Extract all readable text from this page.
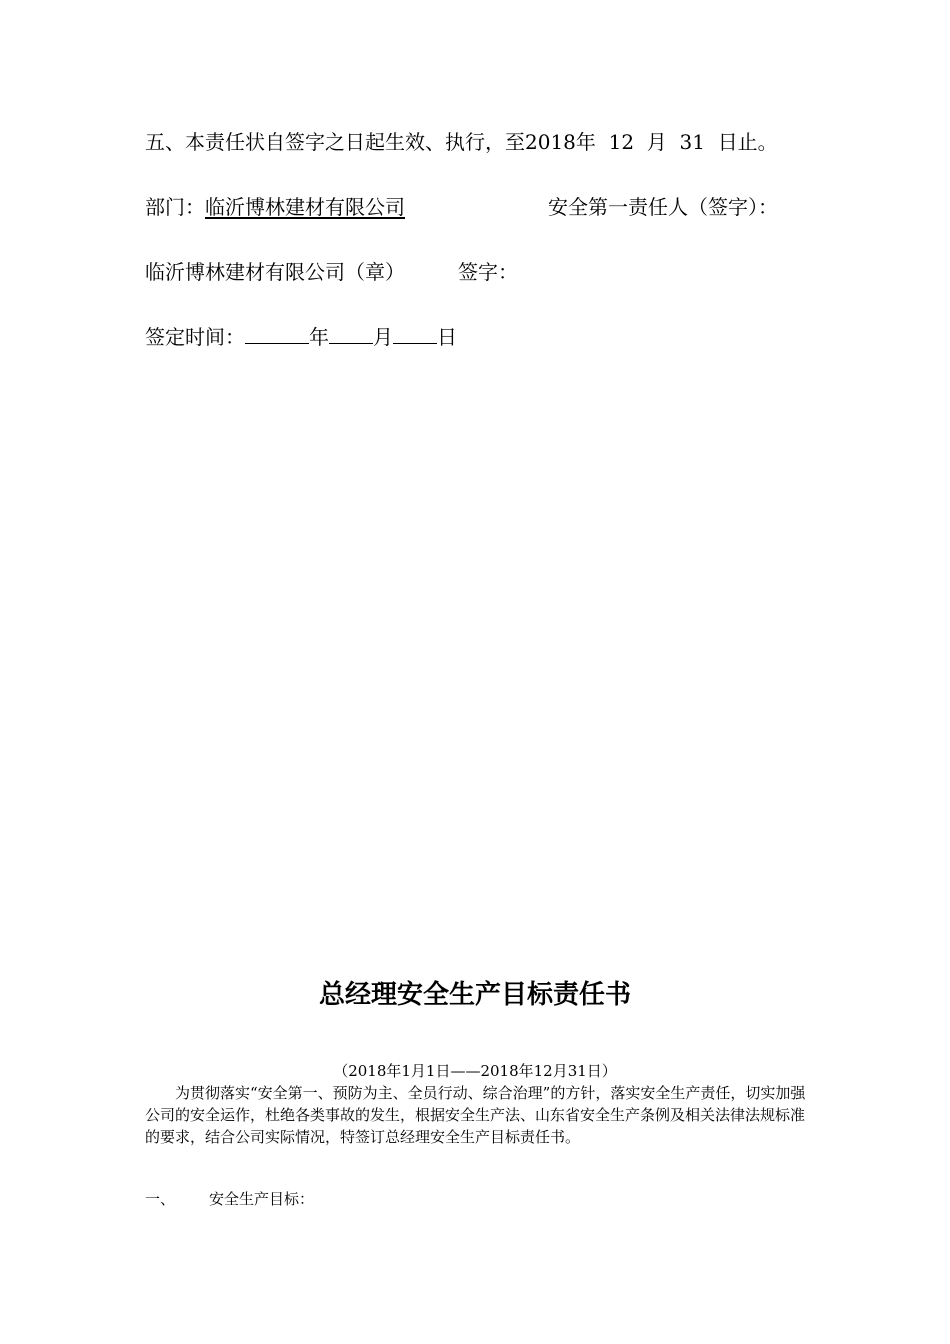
五、本责任状自签字之日起生效、执行，至2018年 12 月 31 日止。
部门：临沂博林建材有限公司	安全第一责任人（签字）：
临沂博林建材有限公司（章）	签字：
签定时间：	年 月 日
总经理安全生产目标责任书
（2018年1月1日——2018年12月31日）
为贯彻落实“安全第一、预防为主、全员行动、综合治理”的方针，落实安全生产责任，切实加强公司的安全运作，杜绝各类事故的发生，根据安全生产法、山东省安全生产条例及相关法律法规标准的要求，结合公司实际情况，特签订总经理安全生产目标责任书。
一、 安全生产目标：
